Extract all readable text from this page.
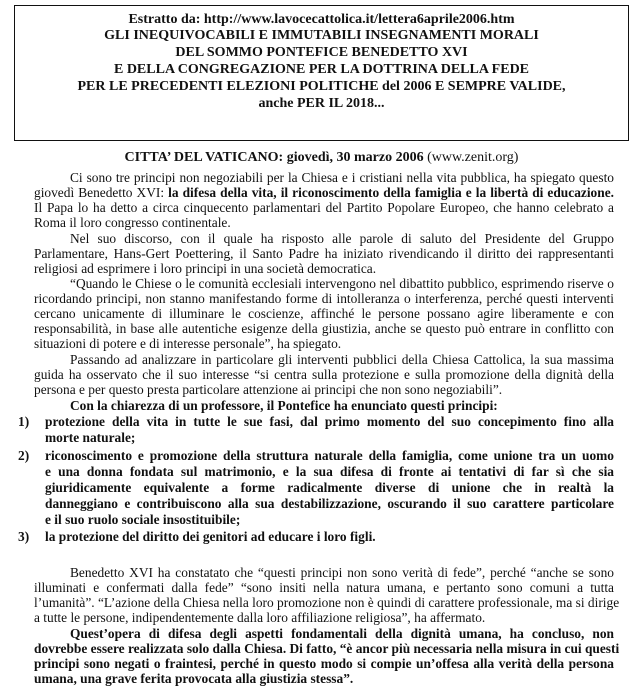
Estratto da: http://www.lavocecattolica.it/lettera6aprile2006.htm
GLI INEQUIVOCABILI E IMMUTABILI INSEGNAMENTI MORALI
DEL SOMMO PONTEFICE BENEDETTO XVI
E DELLA CONGREGAZIONE PER LA DOTTRINA DELLA FEDE
PER LE PRECEDENTI ELEZIONI POLITICHE del 2006 E SEMPRE VALIDE,
anche PER IL 2018...
CITTA’ DEL VATICANO: giovedì, 30 marzo 2006 (www.zenit.org)
Ci sono tre principi non negoziabili per la Chiesa e i cristiani nella vita pubblica, ha spiegato questo
giovedì Benedetto XVI: la difesa della vita, il riconoscimento della famiglia e la libertà di educazione.
Il Papa lo ha detto a circa cinquecento parlamentari del Partito Popolare Europeo, che hanno celebrato a
Roma il loro congresso continentale.
Nel suo discorso, con il quale ha risposto alle parole di saluto del Presidente del Gruppo
Parlamentare, Hans-Gert Poettering, il Santo Padre ha iniziato rivendicando il diritto dei rappresentanti
religiosi ad esprimere i loro principi in una società democratica.
“Quando le Chiese o le comunità ecclesiali intervengono nel dibattito pubblico, esprimendo riserve o
ricordando principi, non stanno manifestando forme di intolleranza o interferenza, perché questi interventi
cercano unicamente di illuminare le coscienze, affinché le persone possano agire liberamente e con
responsabilità, in base alle autentiche esigenze della giustizia, anche se questo può entrare in conflitto con
situazioni di potere e di interesse personale”, ha spiegato.
Passando ad analizzare in particolare gli interventi pubblici della Chiesa Cattolica, la sua massima
guida ha osservato che il suo interesse “si centra sulla protezione e sulla promozione della dignità della
persona e per questo presta particolare attenzione ai principi che non sono negoziabili”.
Con la chiarezza di un professore, il Pontefice ha enunciato questi principi:
1) protezione della vita in tutte le sue fasi, dal primo momento del suo concepimento fino alla
morte naturale;
2) riconoscimento e promozione della struttura naturale della famiglia, come unione tra un uomo
e una donna fondata sul matrimonio, e la sua difesa di fronte ai tentativi di far sì che sia
giuridicamente equivalente a forme radicalmente diverse di unione che in realtà la
danneggiano e contribuiscono alla sua destabilizzazione, oscurando il suo carattere particolare
e il suo ruolo sociale insostituibile;
3) la protezione del diritto dei genitori ad educare i loro figli.
Benedetto XVI ha constatato che “questi principi non sono verità di fede”, perché “anche se sono
illuminati e confermati dalla fede” “sono insiti nella natura umana, e pertanto sono comuni a tutta
l’umanità”. “L’azione della Chiesa nella loro promozione non è quindi di carattere professionale, ma si dirige
a tutte le persone, indipendentemente dalla loro affiliazione religiosa”, ha affermato.
Quest’opera di difesa degli aspetti fondamentali della dignità umana, ha concluso, non
dovrebbe essere realizzata solo dalla Chiesa. Di fatto, “è ancor più necessaria nella misura in cui questi
principi sono negati o fraintesi, perché in questo modo si compie un’offesa alla verità della persona
umana, una grave ferita provocata alla giustizia stessa”.
